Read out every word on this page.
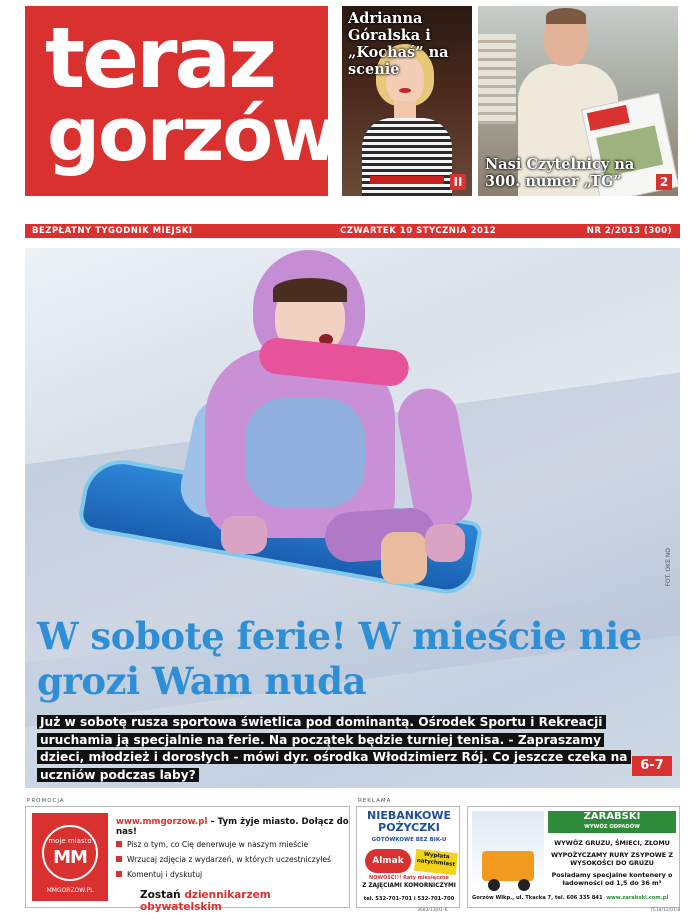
teraz
gorzów
Adrianna Góralska i „Kochaś” na scenie
II
Nasi Czytelnicy na 300. numer „TG”	2
BEZPŁATNY TYGODNIK MIEJSKI	CZWARTEK 10 STYCZNIA 2012	NR 2/2013 (300)
FOT. ÓKE NO
W sobotę ferie! W mieście nie grozi Wam nuda

Już w sobotę rusza sportowa świetlica pod dominantą. Ośrodek Sportu i Rekreacji uruchamia ją specjalnie na ferie. Na początek będzie turniej tenisa. - Zapraszamy dzieci, młodzież i dorosłych - mówi dyr. ośrodka Włodzimierz Rój. Co jeszcze czeka na uczniów podczas laby?

6-7
PROMOCJA	REKLAMA
moje miasto
MM
MMGORZOW.PL
www.mmgorzow.pl – Tym żyje miasto. Dołącz do nas!
Pisz o tym, co Cię denerwuje w naszym mieście
Wrzucaj zdjęcia z wydarzeń, w których uczestniczyłeś
Komentuj i dyskutuj
Zostań dziennikarzem obywatelskim
NIEBANKOWE POŻYCZKI
GOTÓWKOWE BEZ BIK-U
Almak	Wypłata natychmiast
NOWOŚĆ!!! Raty miesięczne
Z ZAJĘCIAMI KOMORNICZYMI
tel. 532-701-701 i 532-701-700
3683/13/01-K
ZARABSKI
WYWÓZ ODPADÓW
WYWÓZ GRUZU, ŚMIECI, ZŁOMU
WYPOŻYCZAMY RURY ZSYPOWE Z WYSOKOŚCI DO GRUZU
Posiadamy specjalne kontenery o ładowności od 1,5 do 36 m³
Gorzów Wlkp., ul. Tkacka 7, tel. 606 335 841 www.zarabski.com.pl
7519/12/01-B
